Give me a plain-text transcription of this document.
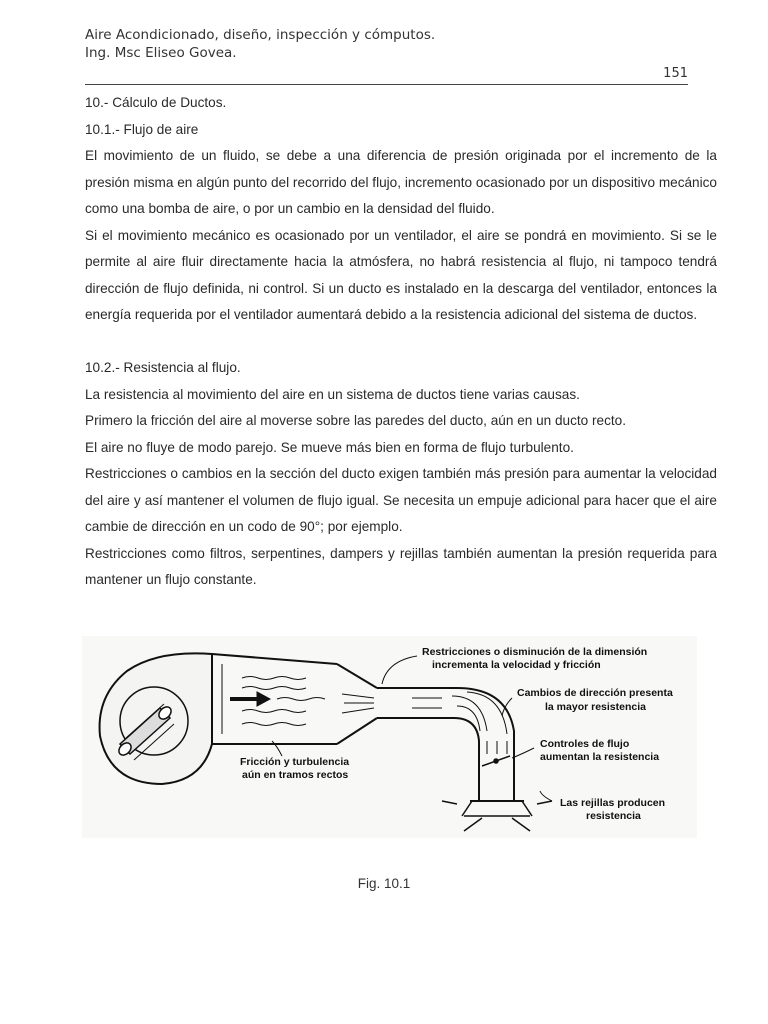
Aire Acondicionado, diseño, inspección y cómputos.
Ing. Msc Eliseo Govea.
151

10.- Cálculo de Ductos.

10.1.- Flujo de aire

El movimiento de un fluido, se debe a una diferencia de presión originada por el incremento de la presión misma en algún punto del recorrido del flujo, incremento ocasionado por un dispositivo mecánico como una bomba de aire, o por un cambio en la densidad del fluido.

Si el movimiento mecánico es ocasionado por un ventilador, el aire se pondrá en movimiento. Si se le permite al aire fluir directamente hacia la atmósfera, no habrá resistencia al flujo, ni tampoco tendrá dirección de flujo definida, ni control. Si un ducto es instalado en la descarga del ventilador, entonces la energía requerida por el ventilador aumentará debido a la resistencia adicional del sistema de ductos.

10.2.- Resistencia al flujo.

La resistencia al movimiento del aire en un sistema de ductos tiene varias causas.

Primero la fricción del aire al moverse sobre las paredes del ducto, aún en un ducto recto.

El aire no fluye de modo parejo. Se mueve más bien en forma de flujo turbulento.

Restricciones o cambios en la sección del ducto exigen también más presión para aumentar la velocidad del aire y así mantener el volumen de flujo igual. Se necesita un empuje adicional para hacer que el aire cambie de dirección en un codo de 90°; por ejemplo.

Restricciones como filtros, serpentines, dampers y rejillas también aumentan la presión requerida para mantener un flujo constante.

Restricciones o disminución de la dimensión
incrementa la velocidad y fricción
Cambios de dirección presenta
la mayor resistencia
Controles de flujo
aumentan la resistencia
Fricción y turbulencia
aún en tramos rectos
Las rejillas producen
resistencia
Fig. 10.1
